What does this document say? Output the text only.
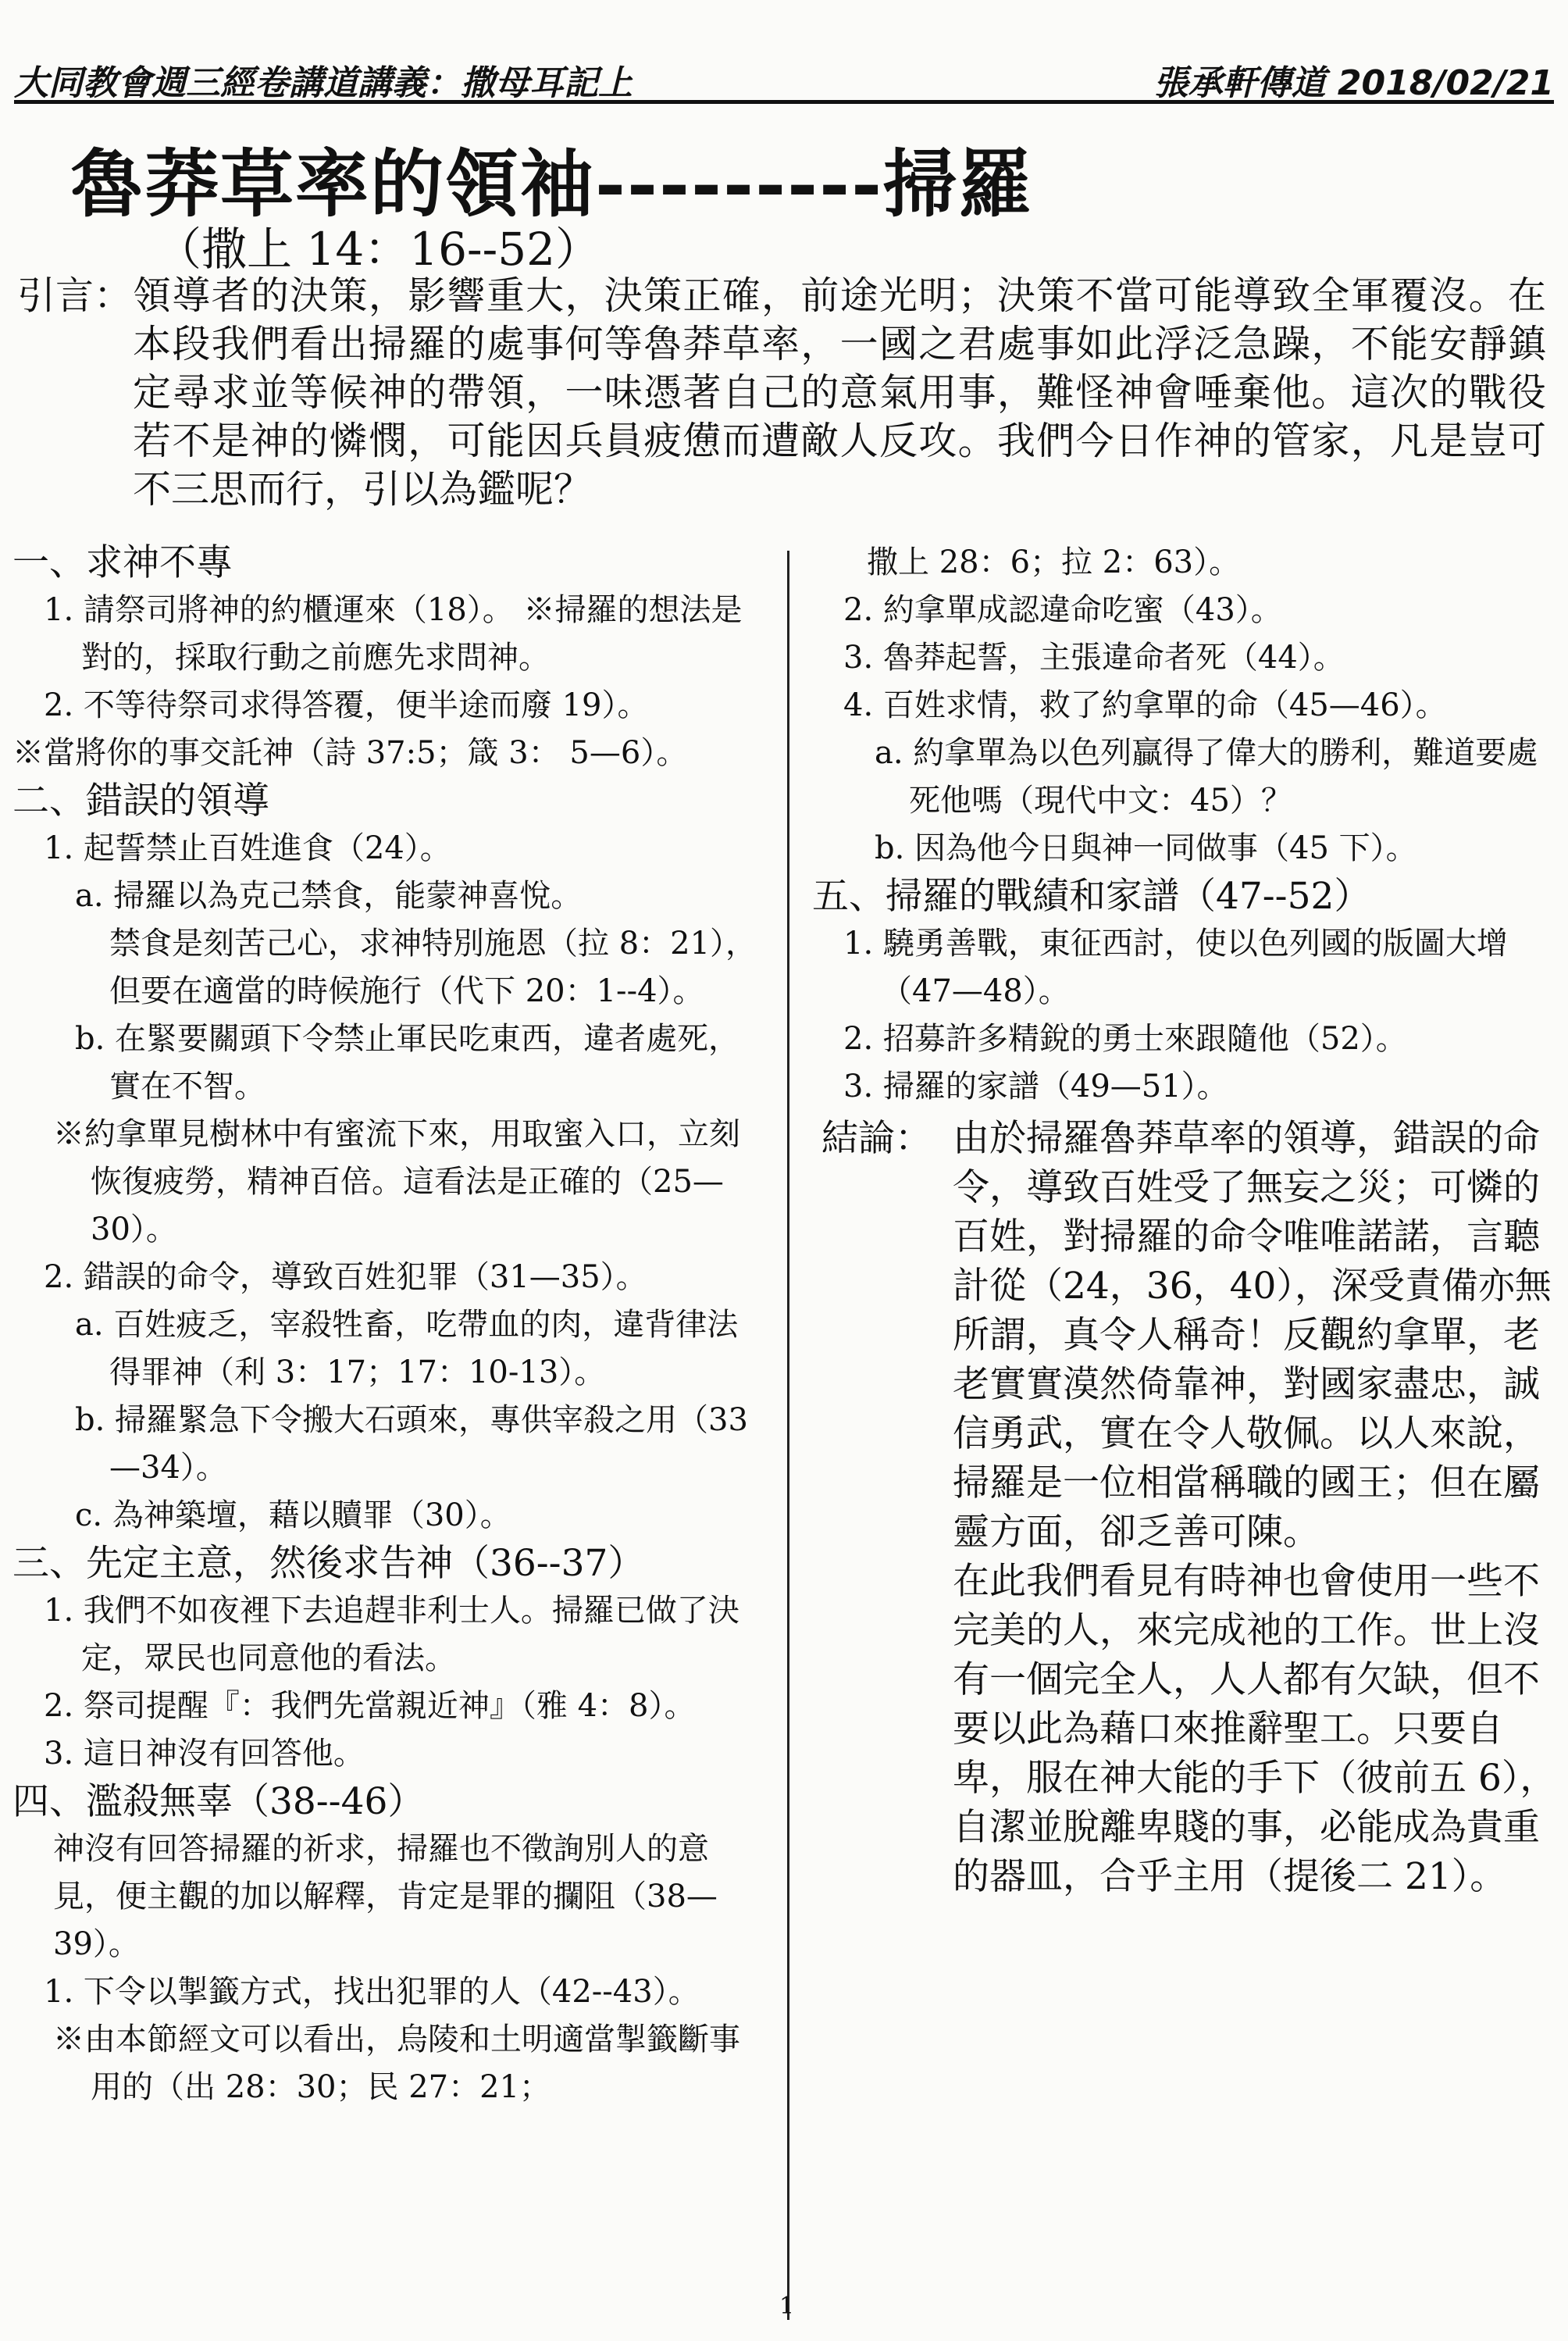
大同教會週三經卷講道講義：撒母耳記上	張承軒傳道 2018/02/21
魯莽草率的領袖---------掃羅
（撒上 14：16--52）
引言： 領導者的決策，影響重大，決策正確，前途光明；決策不當可能導致全軍覆沒。在本段我們看出掃羅的處事何等魯莽草率，一國之君處事如此浮泛急躁，不能安靜鎮定尋求並等候神的帶領，一味憑著自己的意氣用事，難怪神會唾棄他。這次的戰役若不是神的憐憫，可能因兵員疲憊而遭敵人反攻。我們今日作神的管家，凡是豈可不三思而行，引以為鑑呢？

一、求神不專

1. 請祭司將神的約櫃運來（18）。 ※掃羅的想法是對的，採取行動之前應先求問神。

2. 不等待祭司求得答覆，便半途而廢 19）。

※當將你的事交託神（詩 37:5；箴 3： 5—6）。

二、錯誤的領導

1. 起誓禁止百姓進食（24）。

a. 掃羅以為克己禁食，能蒙神喜悅。

禁食是刻苦己心，求神特別施恩（拉 8：21），但要在適當的時候施行（代下 20：1--4）。

b. 在緊要關頭下令禁止軍民吃東西，違者處死，實在不智。

※約拿單見樹林中有蜜流下來，用取蜜入口，立刻恢復疲勞，精神百倍。這看法是正確的（25—30）。

2. 錯誤的命令，導致百姓犯罪（31—35）。

a. 百姓疲乏，宰殺牲畜，吃帶血的肉，違背律法得罪神（利 3：17；17：10-13）。

b. 掃羅緊急下令搬大石頭來，專供宰殺之用（33—34）。

c. 為神築壇，藉以贖罪（30）。

三、先定主意，然後求告神（36--37）

1. 我們不如夜裡下去追趕非利士人。掃羅已做了決定，眾民也同意他的看法。

2. 祭司提醒『：我們先當親近神』（雅 4：8）。

3. 這日神沒有回答他。

四、濫殺無辜（38--46）

神沒有回答掃羅的祈求，掃羅也不徵詢別人的意見，便主觀的加以解釋，肯定是罪的攔阻（38—39）。

1. 下令以掣籤方式，找出犯罪的人（42--43）。

※由本節經文可以看出，烏陵和土明適當掣籤斷事用的（出 28：30；民 27：21；

撒上 28：6；拉 2：63）。

2. 約拿單成認違命吃蜜（43）。

3. 魯莽起誓，主張違命者死（44）。

4. 百姓求情，救了約拿單的命（45—46）。

a. 約拿單為以色列贏得了偉大的勝利，難道要處死他嗎（現代中文：45）？

b. 因為他今日與神一同做事（45 下）。

五、掃羅的戰績和家譜（47--52）

1. 驍勇善戰，東征西討，使以色列國的版圖大增（47—48）。

2. 招募許多精銳的勇士來跟隨他（52）。

3. 掃羅的家譜（49—51）。

結論： 由於掃羅魯莽草率的領導，錯誤的命令，導致百姓受了無妄之災；可憐的百姓，對掃羅的命令唯唯諾諾，言聽計從（24，36，40），深受責備亦無所謂，真令人稱奇！反觀約拿單，老老實實漠然倚靠神，對國家盡忠，誠信勇武，實在令人敬佩。以人來說，掃羅是一位相當稱職的國王；但在屬靈方面，卻乏善可陳。

在此我們看見有時神也會使用一些不完美的人，來完成祂的工作。世上沒有一個完全人，人人都有欠缺，但不要以此為藉口來推辭聖工。只要自卑，服在神大能的手下（彼前五 6），自潔並脫離卑賤的事，必能成為貴重的器皿，合乎主用（提後二 21）。

1
